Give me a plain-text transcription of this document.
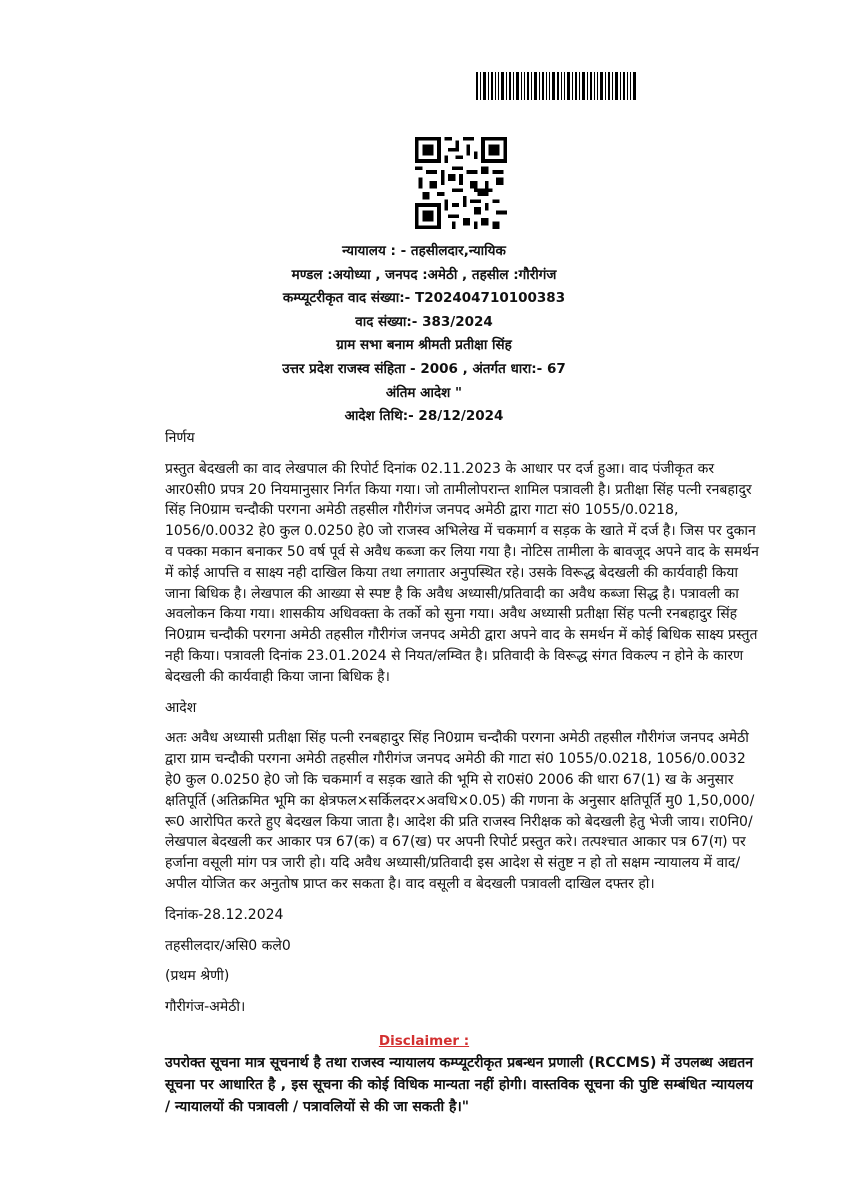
न्यायालय : - तहसीलदार,न्यायिक
मण्डल :अयोध्या , जनपद :अमेठी , तहसील :गौरीगंज
कम्प्यूटरीकृत वाद संख्या:- T202404710100383
वाद संख्या:- 383/2024
ग्राम सभा बनाम श्रीमती प्रतीक्षा सिंह
उत्तर प्रदेश राजस्व संहिता - 2006 , अंतर्गत धारा:- 67
अंतिम आदेश "
आदेश तिथि:- 28/12/2024
निर्णय
प्रस्तुत बेदखली का वाद लेखपाल की रिपोर्ट दिनांक 02.11.2023 के आधार पर दर्ज हुआ। वाद पंजीकृत कर आर0सी0 प्रपत्र 20 नियमानुसार निर्गत किया गया। जो तामीलोपरान्त शामिल पत्रावली है। प्रतीक्षा सिंह पत्नी रनबहादुर सिंह नि0ग्राम चन्दौकी परगना अमेठी तहसील गौरीगंज जनपद अमेठी द्वारा गाटा सं0 1055/0.0218, 1056/0.0032 हे0 कुल 0.0250 हे0 जो राजस्व अभिलेख में चकमार्ग व सड़क के खाते में दर्ज है। जिस पर दुकान व पक्का मकान बनाकर 50 वर्ष पूर्व से अवैध कब्जा कर लिया गया है। नोटिस तामीला के बावजूद अपने वाद के समर्थन में कोई आपत्ति व साक्ष्य नही दाखिल किया तथा लगातार अनुपस्थित रहे। उसके विरूद्ध बेदखली की कार्यवाही किया जाना बिधिक है। लेखपाल की आख्या से स्पष्ट है कि अवैध अध्यासी/प्रतिवादी का अवैध कब्जा सिद्ध है। पत्रावली का अवलोकन किया गया। शासकीय अधिवक्ता के तर्को को सुना गया। अवैध अध्यासी प्रतीक्षा सिंह पत्नी रनबहादुर सिंह नि0ग्राम चन्दौकी परगना अमेठी तहसील गौरीगंज जनपद अमेठी द्वारा अपने वाद के समर्थन में कोई बिधिक साक्ष्य प्रस्तुत नही किया। पत्रावली दिनांक 23.01.2024 से नियत/लम्वित है। प्रतिवादी के विरूद्ध संगत विकल्प न होने के कारण बेदखली की कार्यवाही किया जाना बिधिक है।
आदेश
अतः अवैध अध्यासी प्रतीक्षा सिंह पत्नी रनबहादुर सिंह नि0ग्राम चन्दौकी परगना अमेठी तहसील गौरीगंज जनपद अमेठी द्वारा ग्राम चन्दौकी परगना अमेठी तहसील गौरीगंज जनपद अमेठी की गाटा सं0 1055/0.0218, 1056/0.0032 हे0 कुल 0.0250 हे0 जो कि चकमार्ग व सड़क खाते की भूमि से रा0सं0 2006 की धारा 67(1) ख के अनुसार क्षतिपूर्ति (अतिक्रमित भूमि का क्षेत्रफल×सर्किलदर×अवधि×0.05) की गणना के अनुसार क्षतिपूर्ति मु0 1,50,000/रू0 आरोपित करते हुए बेदखल किया जाता है। आदेश की प्रति राजस्व निरीक्षक को बेदखली हेतु भेजी जाय। रा0नि0/लेखपाल बेदखली कर आकार पत्र 67(क) व 67(ख) पर अपनी रिपोर्ट प्रस्तुत करे। तत्पश्चात आकार पत्र 67(ग) पर हर्जाना वसूली मांग पत्र जारी हो। यदि अवैध अध्यासी/प्रतिवादी इस आदेश से संतुष्ट न हो तो सक्षम न्यायालय में वाद/अपील योजित कर अनुतोष प्राप्त कर सकता है। वाद वसूली व बेदखली पत्रावली दाखिल दफ्तर हो।
दिनांक-28.12.2024
तहसीलदार/असि0 कले0
(प्रथम श्रेणी)
गौरीगंज-अमेठी।
Disclaimer :
उपरोक्त सूचना मात्र सूचनार्थ है तथा राजस्व न्यायालय कम्प्यूटरीकृत प्रबन्धन प्रणाली (RCCMS) में उपलब्ध अद्यतन सूचना पर आधारित है , इस सूचना की कोई विधिक मान्यता नहीं होगी। वास्तविक सूचना की पुष्टि सम्बंधित न्यायलय / न्यायालयों की पत्रावली / पत्रावलियों से की जा सकती है।"
